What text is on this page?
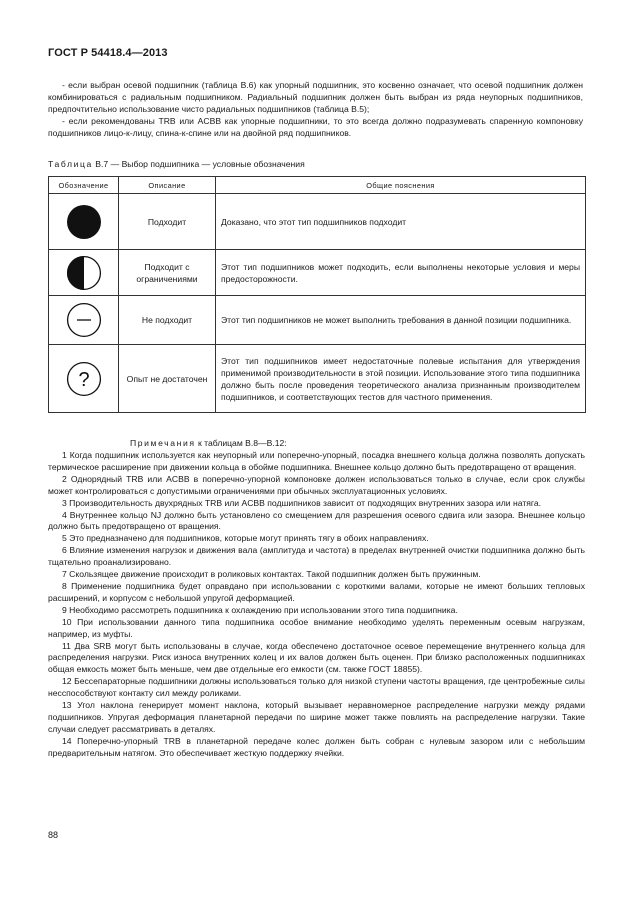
ГОСТ Р 54418.4—2013

- если выбран осевой подшипник (таблица В.6) как упорный подшипник, это косвенно означает, что осевой подшипник должен комбинироваться с радиальным подшипником. Радиальный подшипник должен быть выбран из ряда неупорных подшипников, предпочтительно использование чисто радиальных подшипников (таблица В.5);

- если рекомендованы TRB или ACBB как упорные подшипники, то это всегда должно подразумевать спаренную компоновку подшипников лицо-к-лицу, спина-к-спине или на двойной ряд подшипников.

Таблица В.7 — Выбор подшипника — условные обозначения
Обозначение	Описание	Общие пояснения

	Подходит	Доказано, что этот тип подшипников подходит

	Подходит с ограничениями	Этот тип подшипников может подходить, если выполнены некоторые условия и меры предосторожности.

	Не подходит	Этот тип подшипников не может выполнить требования в данной позиции подшипника.

?	Опыт не достаточен	Этот тип подшипников имеет недостаточные полевые испытания для утверждения применимой производительности в этой позиции. Использование этого типа подшипника должно быть после проведения теоретического анализа признанным производителем подшипников, и соответствующих тестов для частного применения.
Примечания к таблицам В.8—В.12:

1 Когда подшипник используется как неупорный или поперечно-упорный, посадка внешнего кольца должна позволять допускать термическое расширение при движении кольца в обойме подшипника. Внешнее кольцо должно быть предотвращено от вращения.

2 Однорядный TRB или ACBB в поперечно-упорной компоновке должен использоваться только в случае, если срок службы может контролироваться с допустимыми ограничениями при обычных эксплуатационных условиях.

3 Производительность двухрядных TRB или ACBB подшипников зависит от подходящих внутренних зазора или натяга.

4 Внутреннее кольцо NJ должно быть установлено со смещением для разрешения осевого сдвига или зазора. Внешнее кольцо должно быть предотвращено от вращения.

5 Это предназначено для подшипников, которые могут принять тягу в обоих направлениях.

6 Влияние изменения нагрузок и движения вала (амплитуда и частота) в пределах внутренней очистки подшипника должно быть тщательно проанализировано.

7 Скользящее движение происходит в роликовых контактах. Такой подшипник должен быть пружинным.

8 Применение подшипника будет оправдано при использовании с короткими валами, которые не имеют больших тепловых расширений, и корпусом с небольшой упругой деформацией.

9 Необходимо рассмотреть подшипника к охлаждению при использовании этого типа подшипника.

10 При использовании данного типа подшипника особое внимание необходимо уделять переменным осевым нагрузкам, например, из муфты.

11 Два SRB могут быть использованы в случае, когда обеспечено достаточное осевое перемещение внутреннего кольца для распределения нагрузки. Риск износа внутренних колец и их валов должен быть оценен. При близко расположенных подшипниках общая емкость может быть меньше, чем две отдельные его емкости (см. также ГОСТ 18855).

12 Бессепараторные подшипники должны использоваться только для низкой ступени частоты вращения, где центробежные силы несспособствуют контакту сил между роликами.

13 Угол наклона генерирует момент наклона, который вызывает неравномерное распределение нагрузки между рядами подшипников. Упругая деформация планетарной передачи по ширине может также повлиять на распределение нагрузки. Такие случаи следует рассматривать в деталях.

14 Поперечно-упорный TRB в планетарной передаче колес должен быть собран с нулевым зазором или с небольшим предварительным натягом. Это обеспечивает жесткую поддержку ячейки.

88
